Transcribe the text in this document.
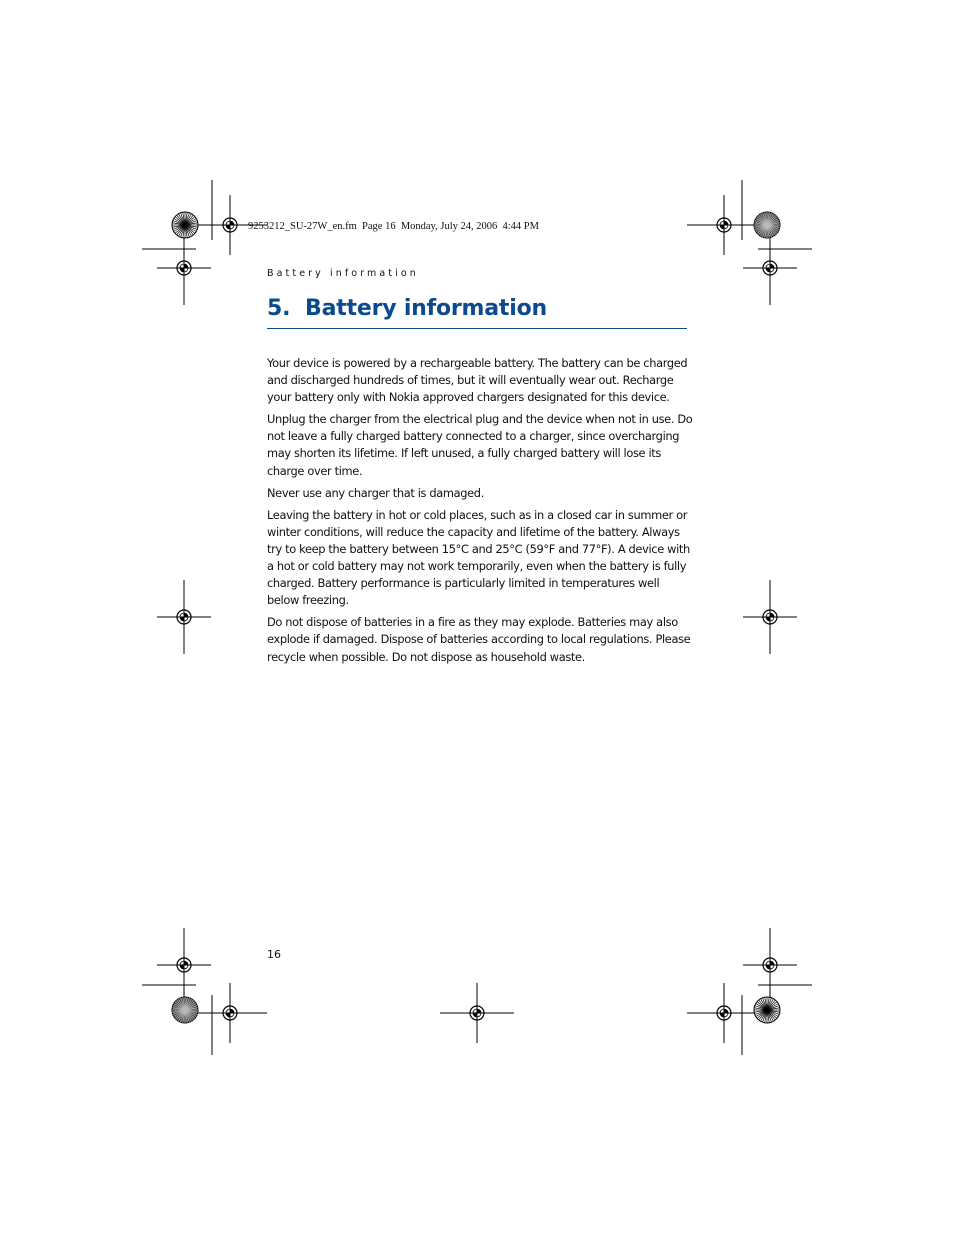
9253212_SU-27W_en.fm  Page 16  Monday, July 24, 2006  4:44 PM
Battery information
5. Battery information

Your device is powered by a rechargeable battery. The battery can be charged and discharged hundreds of times, but it will eventually wear out. Recharge your battery only with Nokia approved chargers designated for this device.

Unplug the charger from the electrical plug and the device when not in use. Do not leave a fully charged battery connected to a charger, since overcharging may shorten its lifetime. If left unused, a fully charged battery will lose its charge over time.

Never use any charger that is damaged.

Leaving the battery in hot or cold places, such as in a closed car in summer or winter conditions, will reduce the capacity and lifetime of the battery. Always try to keep the battery between 15°C and 25°C (59°F and 77°F). A device with a hot or cold battery may not work temporarily, even when the battery is fully charged. Battery performance is particularly limited in temperatures well below freezing.

Do not dispose of batteries in a fire as they may explode. Batteries may also explode if damaged. Dispose of batteries according to local regulations. Please recycle when possible. Do not dispose as household waste.

16
